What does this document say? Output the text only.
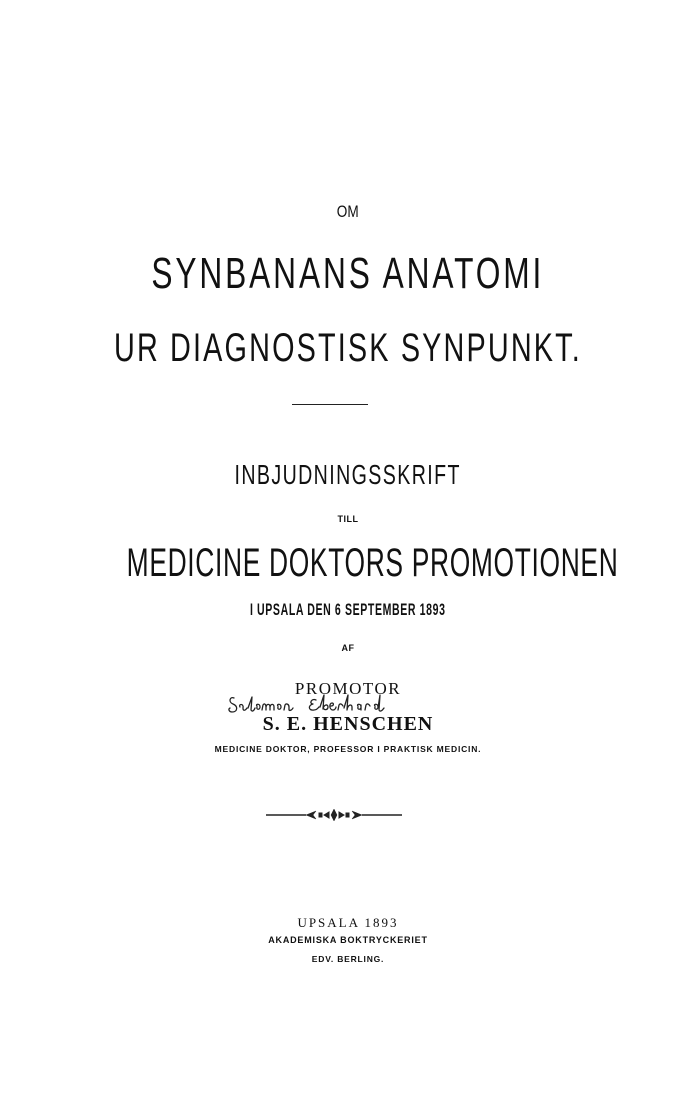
OM
SYNBANANS ANATOMI
UR DIAGNOSTISK SYNPUNKT.
INBJUDNINGSSKRIFT
TILL
MEDICINE DOKTORS PROMOTIONEN
I UPSALA DEN 6 SEPTEMBER 1893
AF
PROMOTOR
S. E. HENSCHEN
MEDICINE DOKTOR, PROFESSOR I PRAKTISK MEDICIN.
UPSALA 1893
AKADEMISKA BOKTRYCKERIET
EDV. BERLING.
